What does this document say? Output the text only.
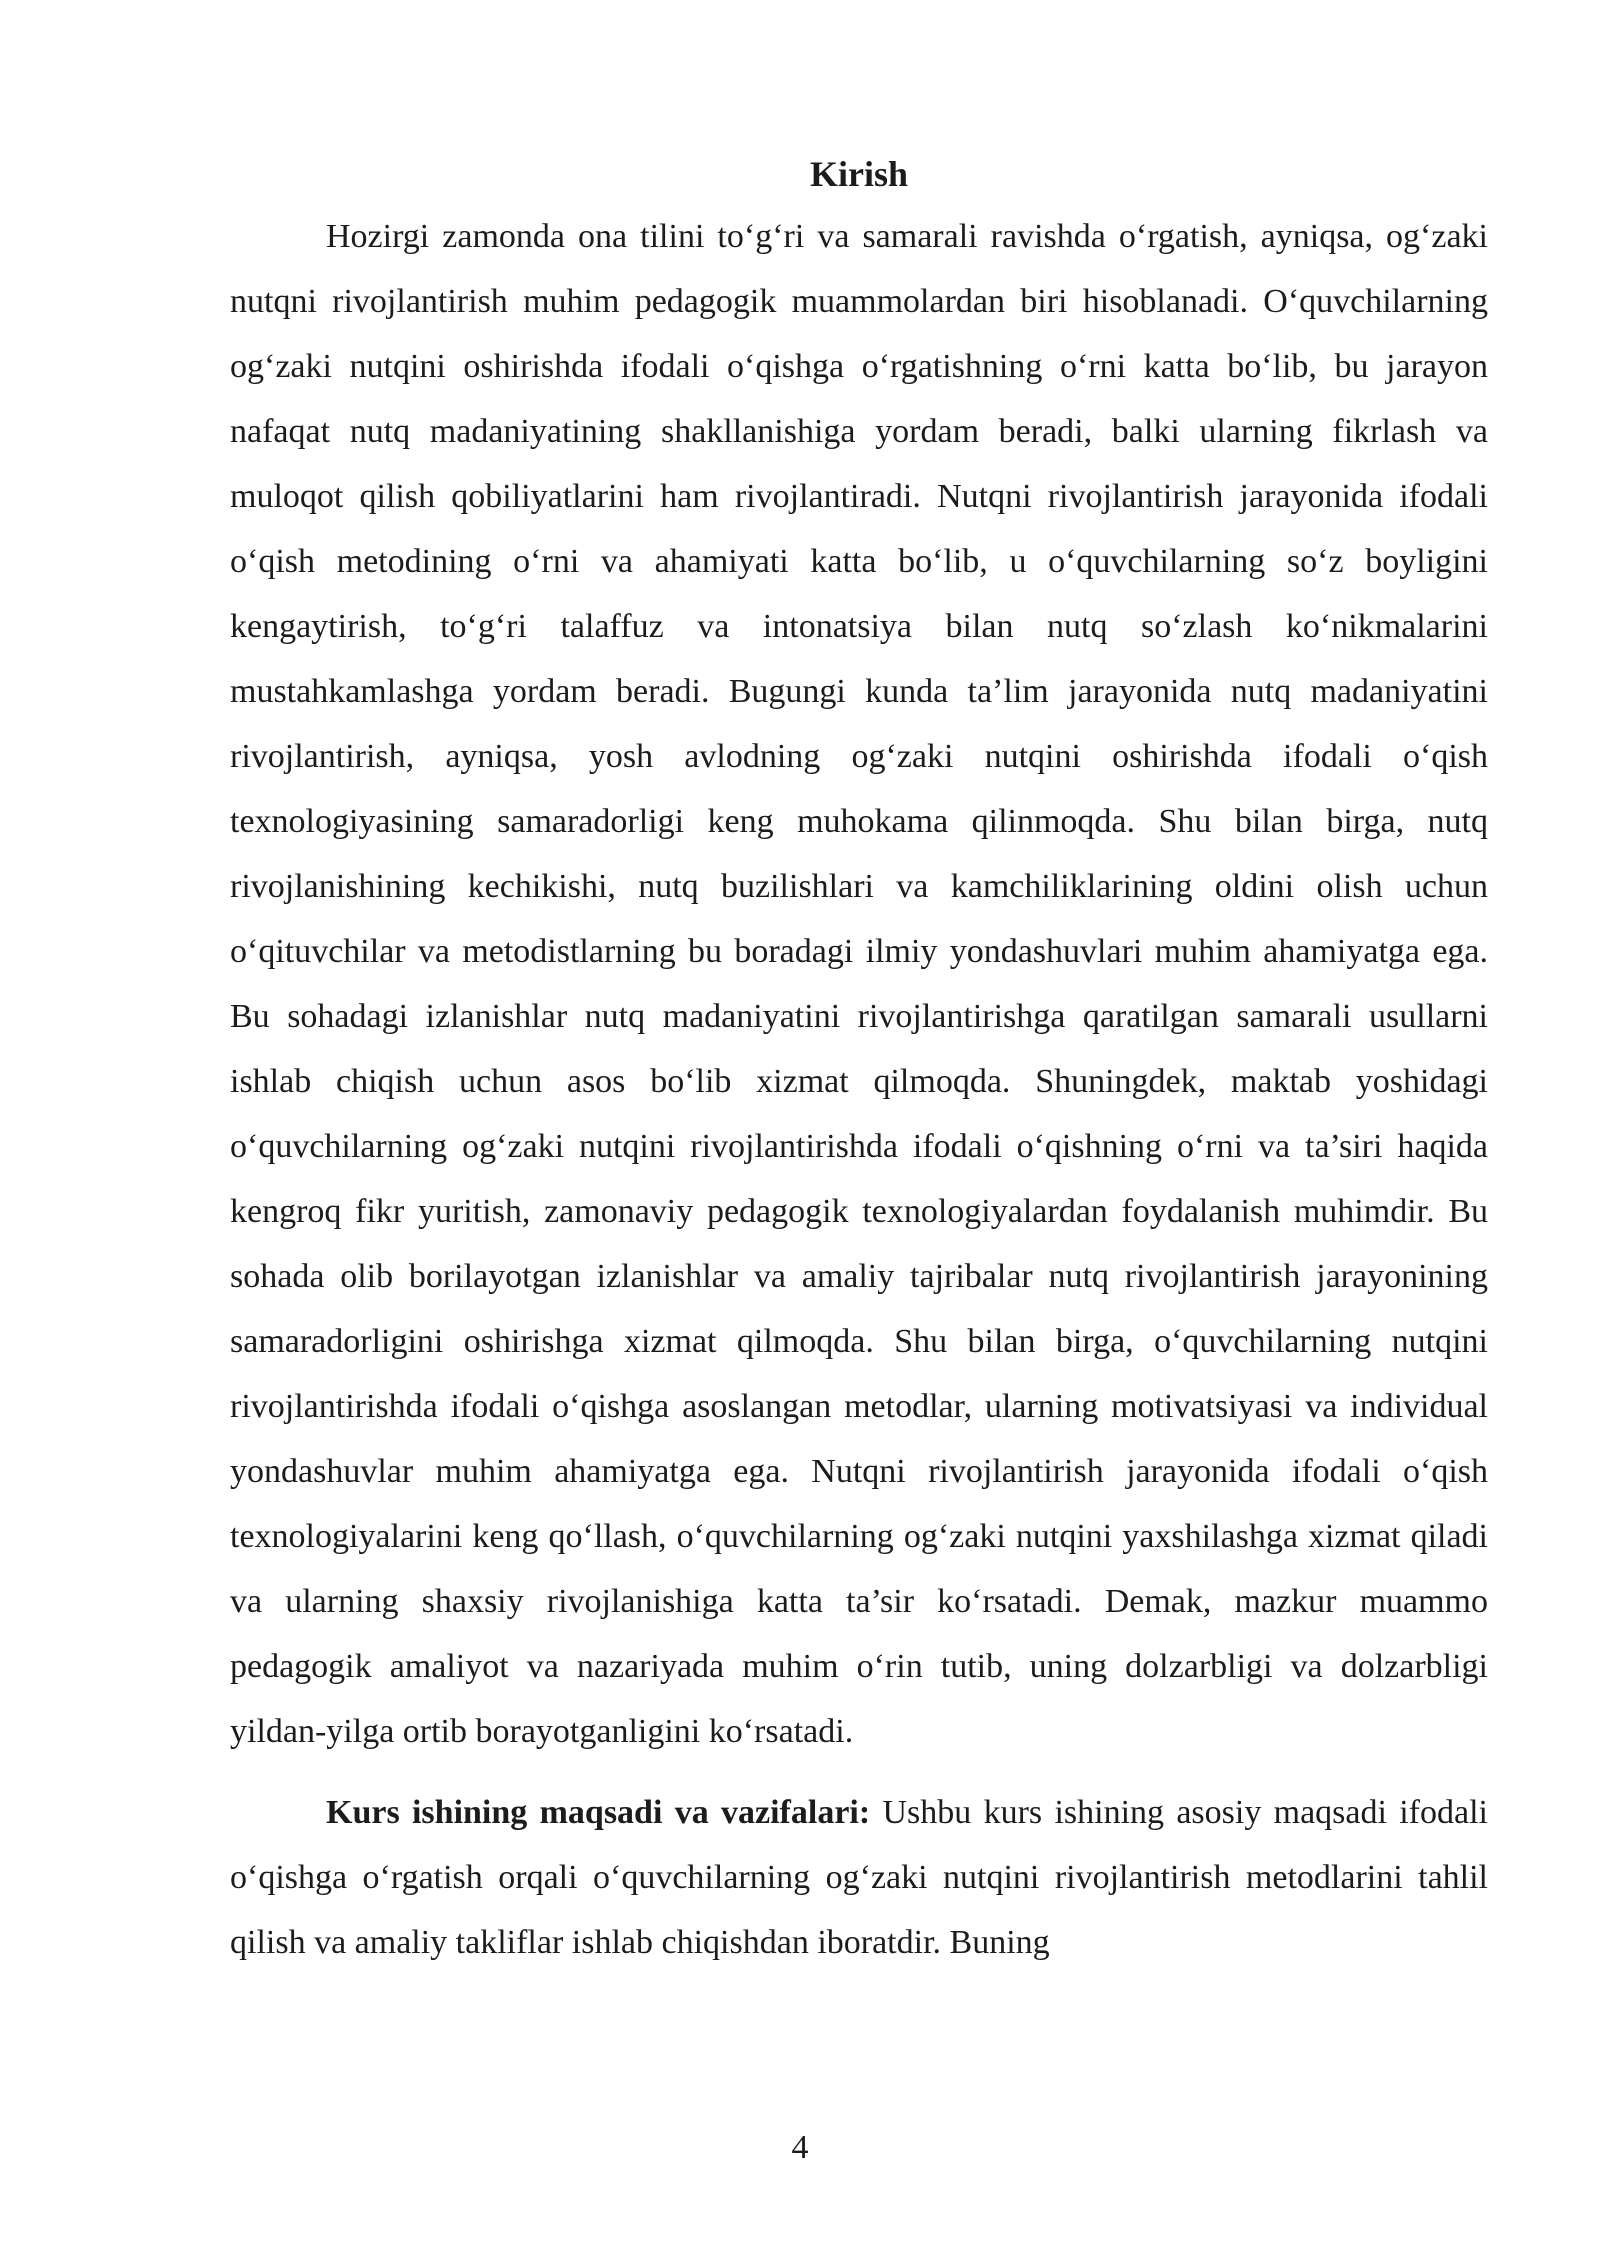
Kirish

Hozirgi zamonda ona tilini to‘g‘ri va samarali ravishda o‘rgatish, ayniqsa, og‘zaki nutqni rivojlantirish muhim pedagogik muammolardan biri hisoblanadi. O‘quvchilarning og‘zaki nutqini oshirishda ifodali o‘qishga o‘rgatishning o‘rni katta bo‘lib, bu jarayon nafaqat nutq madaniyatining shakllanishiga yordam beradi, balki ularning fikrlash va muloqot qilish qobiliyatlarini ham rivojlantiradi. Nutqni rivojlantirish jarayonida ifodali o‘qish metodining o‘rni va ahamiyati katta bo‘lib, u o‘quvchilarning so‘z boyligini kengaytirish, to‘g‘ri talaffuz va intonatsiya bilan nutq so‘zlash ko‘nikmalarini mustahkamlashga yordam beradi. Bugungi kunda ta’lim jarayonida nutq madaniyatini rivojlantirish, ayniqsa, yosh avlodning og‘zaki nutqini oshirishda ifodali o‘qish texnologiyasining samaradorligi keng muhokama qilinmoqda. Shu bilan birga, nutq rivojlanishining kechikishi, nutq buzilishlari va kamchiliklarining oldini olish uchun o‘qituvchilar va metodistlarning bu boradagi ilmiy yondashuvlari muhim ahamiyatga ega. Bu sohadagi izlanishlar nutq madaniyatini rivojlantirishga qaratilgan samarali usullarni ishlab chiqish uchun asos bo‘lib xizmat qilmoqda. Shuningdek, maktab yoshidagi o‘quvchilarning og‘zaki nutqini rivojlantirishda ifodali o‘qishning o‘rni va ta’siri haqida kengroq fikr yuritish, zamonaviy pedagogik texnologiyalardan foydalanish muhimdir. Bu sohada olib borilayotgan izlanishlar va amaliy tajribalar nutq rivojlantirish jarayonining samaradorligini oshirishga xizmat qilmoqda. Shu bilan birga, o‘quvchilarning nutqini rivojlantirishda ifodali o‘qishga asoslangan metodlar, ularning motivatsiyasi va individual yondashuvlar muhim ahamiyatga ega. Nutqni rivojlantirish jarayonida ifodali o‘qish texnologiyalarini keng qo‘llash, o‘quvchilarning og‘zaki nutqini yaxshilashga xizmat qiladi va ularning shaxsiy rivojlanishiga katta ta’sir ko‘rsatadi. Demak, mazkur muammo pedagogik amaliyot va nazariyada muhim o‘rin tutib, uning dolzarbligi va dolzarbligi yildan-yilga ortib borayotganligini ko‘rsatadi.

Kurs ishining maqsadi va vazifalari: Ushbu kurs ishining asosiy maqsadi ifodali o‘qishga o‘rgatish orqali o‘quvchilarning og‘zaki nutqini rivojlantirish metodlarini tahlil qilish va amaliy takliflar ishlab chiqishdan iboratdir. Buning

4
